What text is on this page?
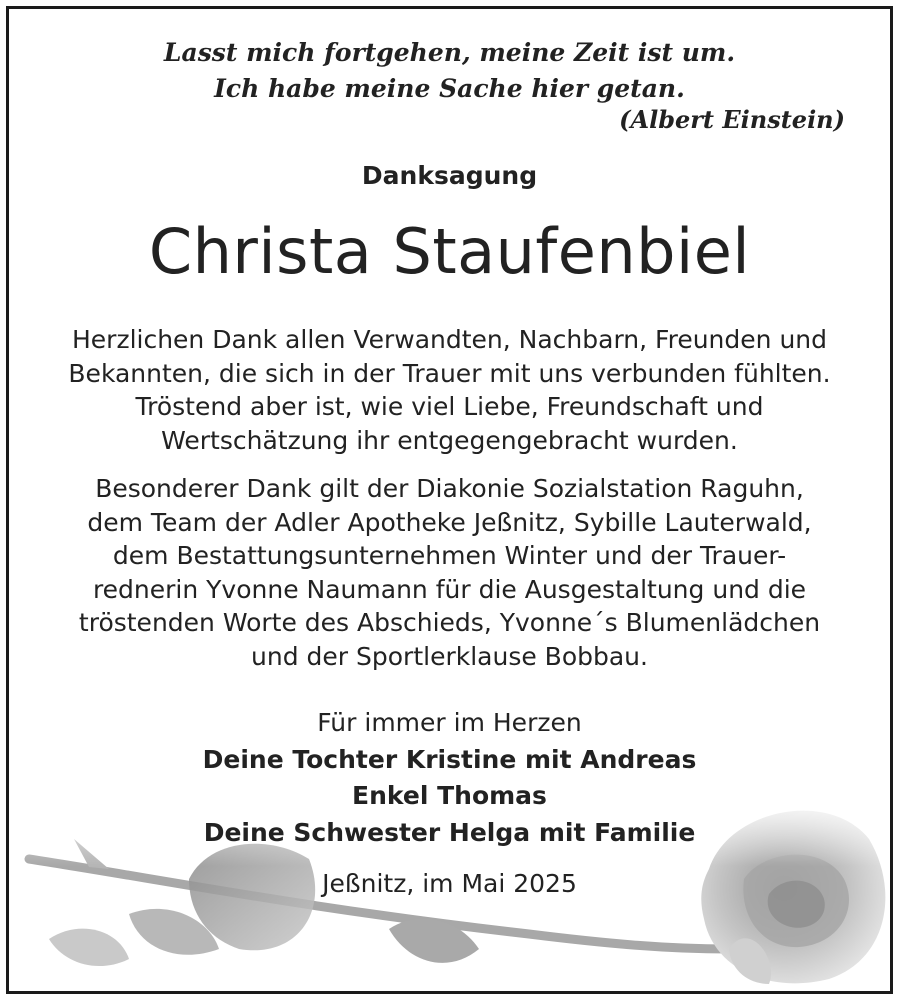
Lasst mich fortgehen, meine Zeit ist um.
Ich habe meine Sache hier getan.
(Albert Einstein)
Danksagung
Christa Staufenbiel
Herzlichen Dank allen Verwandten, Nachbarn, Freunden und
Bekannten, die sich in der Trauer mit uns verbunden fühlten.
Tröstend aber ist, wie viel Liebe, Freundschaft und
Wertschätzung ihr entgegengebracht wurden.
Besonderer Dank gilt der Diakonie Sozialstation Raguhn,
dem Team der Adler Apotheke Jeßnitz, Sybille Lauterwald,
dem Bestattungsunternehmen Winter und der Trauer-
rednerin Yvonne Naumann für die Ausgestaltung und die
tröstenden Worte des Abschieds, Yvonne´s Blumenlädchen
und der Sportlerklause Bobbau.
Für immer im Herzen
Deine Tochter Kristine mit Andreas
Enkel Thomas
Deine Schwester Helga mit Familie
Jeßnitz, im Mai 2025
